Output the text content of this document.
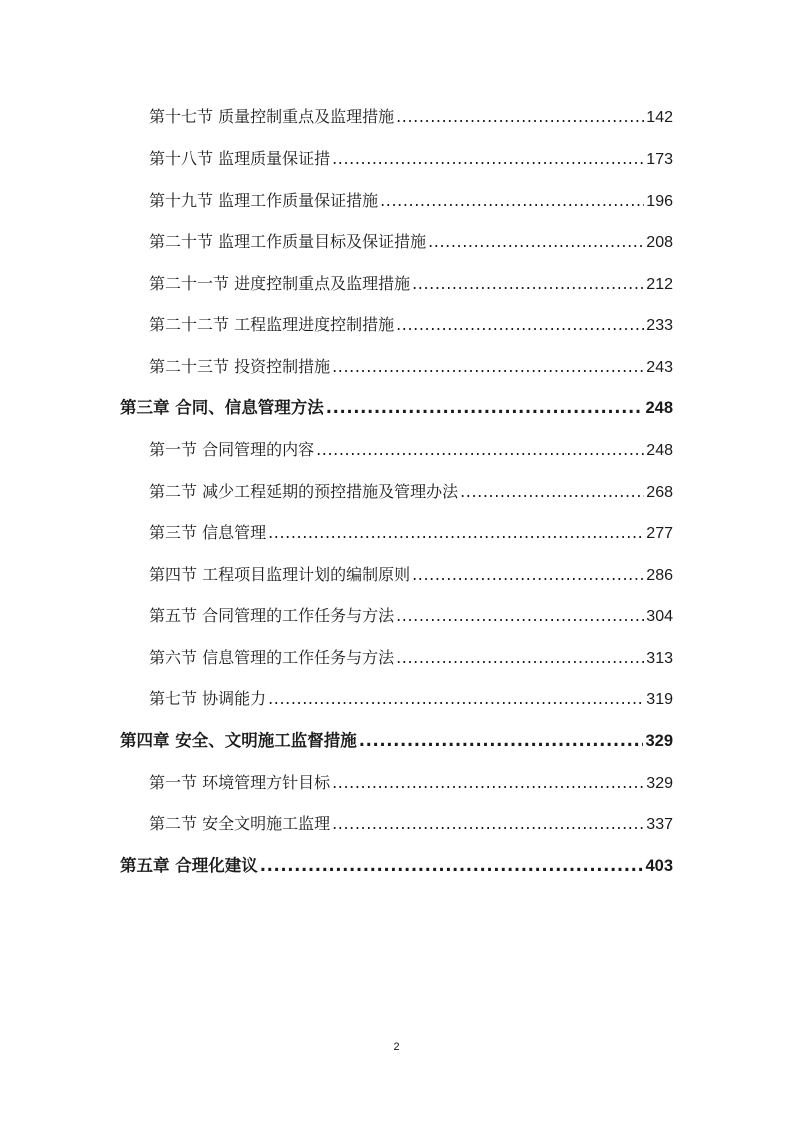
第十七节 质量控制重点及监理措施 .....	142
第十八节 监理质量保证措 .....	173
第十九节 监理工作质量保证措施 .....	196
第二十节 监理工作质量目标及保证措施 .....	208
第二十一节 进度控制重点及监理措施 .....	212
第二十二节 工程监理进度控制措施 .....	233
第二十三节 投资控制措施 .....	243
第三章 合同、信息管理方法 .....	248
第一节 合同管理的内容 .....	248
第二节 减少工程延期的预控措施及管理办法 .....	268
第三节 信息管理 .....	277
第四节 工程项目监理计划的编制原则 .....	286
第五节 合同管理的工作任务与方法 .....	304
第六节 信息管理的工作任务与方法 .....	313
第七节 协调能力 .....	319
第四章 安全、文明施工监督措施 .....	329
第一节 环境管理方针目标 .....	329
第二节 安全文明施工监理 .....	337
第五章 合理化建议 .....	403
2
